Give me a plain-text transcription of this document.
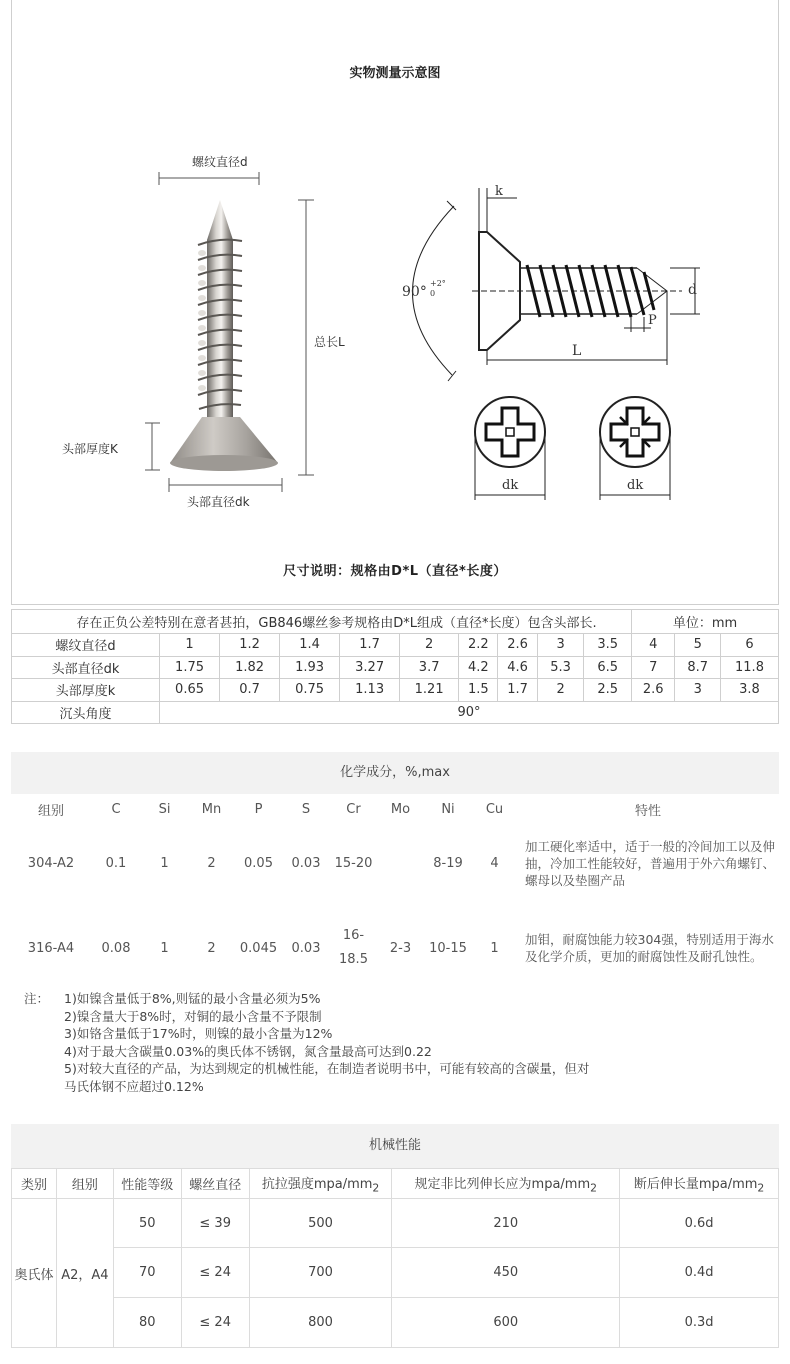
实物测量示意图
螺纹直径d
总长L
头部厚度K
头部直径dk
k
90°
+2°
0	d
P
L
dk	dk
尺寸说明：规格由D*L（直径*长度）
存在正负公差特别在意者甚拍，GB846螺丝参考规格由D*L组成（直径*长度）包含头部长.										单位：mm		
螺纹直径d	1	1.2	1.4	1.7	2	2.2	2.6	3	3.5	4	5	6
头部直径dk	1.75	1.82	1.93	3.27	3.7	4.2	4.6	5.3	6.5	7	8.7	11.8
头部厚度k	0.65	0.7	0.75	1.13	1.21	1.5	1.7	2	2.5	2.6	3	3.8
沉头角度	90°											
化学成分，%,max
组别	C	Si	Mn	P	S	Cr	Mo	Ni	Cu	特性
304-A2	0.1	1	2	0.05	0.03	15-20		8-19	4	加工硬化率适中，适于一般的冷间加工以及伸抽，冷加工性能较好，普遍用于外六角螺钉、螺母以及垫圈产品
316-A4	0.08	1	2	0.045	0.03	16-18.5	2-3	10-15	1	加钼，耐腐蚀能力较304强，特别适用于海水及化学介质，更加的耐腐蚀性及耐孔蚀性。
注：	1)如镍含量低于8%,则锰的最小含量必须为5%
2)镍含量大于8%时，对铜的最小含量不予限制
3)如铬含量低于17%时，则镍的最小含量为12%
4)对于最大含碳量0.03%的奥氏体不锈钢，氮含量最高可达到0.22
5)对较大直径的产品，为达到规定的机械性能，在制造者说明书中，可能有较高的含碳量，但对
马氏体钢不应超过0.12%
机械性能
类别	组别	性能等级	螺丝直径	抗拉强度mpa/$mm_2$	规定非比列伸长应为mpa/$mm_2$	断后伸长量mpa/$mm_2$
奥氏体	A2，A4	50	≤ 39	500	210	0.6d
		70	≤ 24	700	450	0.4d
		80	≤ 24	800	600	0.3d
